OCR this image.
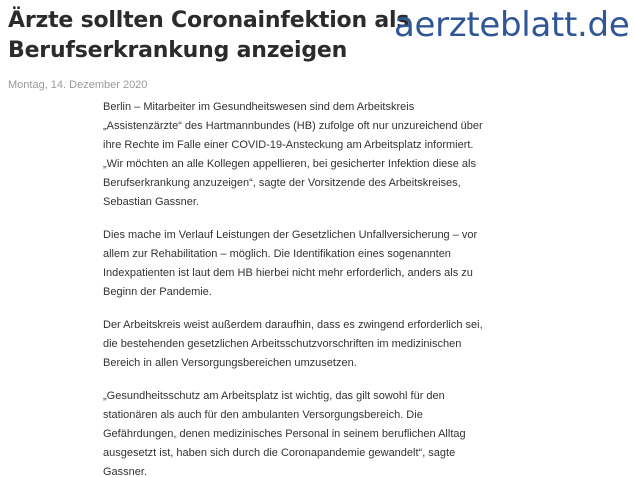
Ärzte sollten Coronainfektion als
Berufserkrankung anzeigen
aerzteblatt.de
Montag, 14. Dezember 2020

Berlin – Mitarbeiter im Gesundheitswesen sind dem Arbeitskreis
„Assistenzärzte“ des Hartmannbundes (HB) zufolge oft nur unzureichend über
ihre Rechte im Falle einer COVID-19-Ansteckung am Arbeitsplatz informiert.
„Wir möchten an alle Kollegen appellieren, bei gesicherter Infektion diese als
Berufserkrankung anzuzeigen“, sagte der Vorsitzende des Arbeitskreises,
Sebastian Gassner.

Dies mache im Verlauf Leistungen der Gesetzlichen Unfallversicherung – vor
allem zur Rehabilitation – möglich. Die Identifikation eines sogenannten
Indexpatienten ist laut dem HB hierbei nicht mehr erforderlich, anders als zu
Beginn der Pandemie.

Der Arbeitskreis weist außerdem daraufhin, dass es zwingend erforderlich sei,
die bestehenden gesetzlichen Arbeitsschutzvorschriften im medizinischen
Bereich in allen Versorgungsbereichen umzusetzen.

„Gesundheitsschutz am Arbeitsplatz ist wichtig, das gilt sowohl für den
stationären als auch für den ambulanten Versorgungsbereich. Die
Gefährdungen, denen medizinisches Personal in seinem beruflichen Alltag
ausgesetzt ist, haben sich durch die Coronapandemie gewandelt“, sagte
Gassner.
